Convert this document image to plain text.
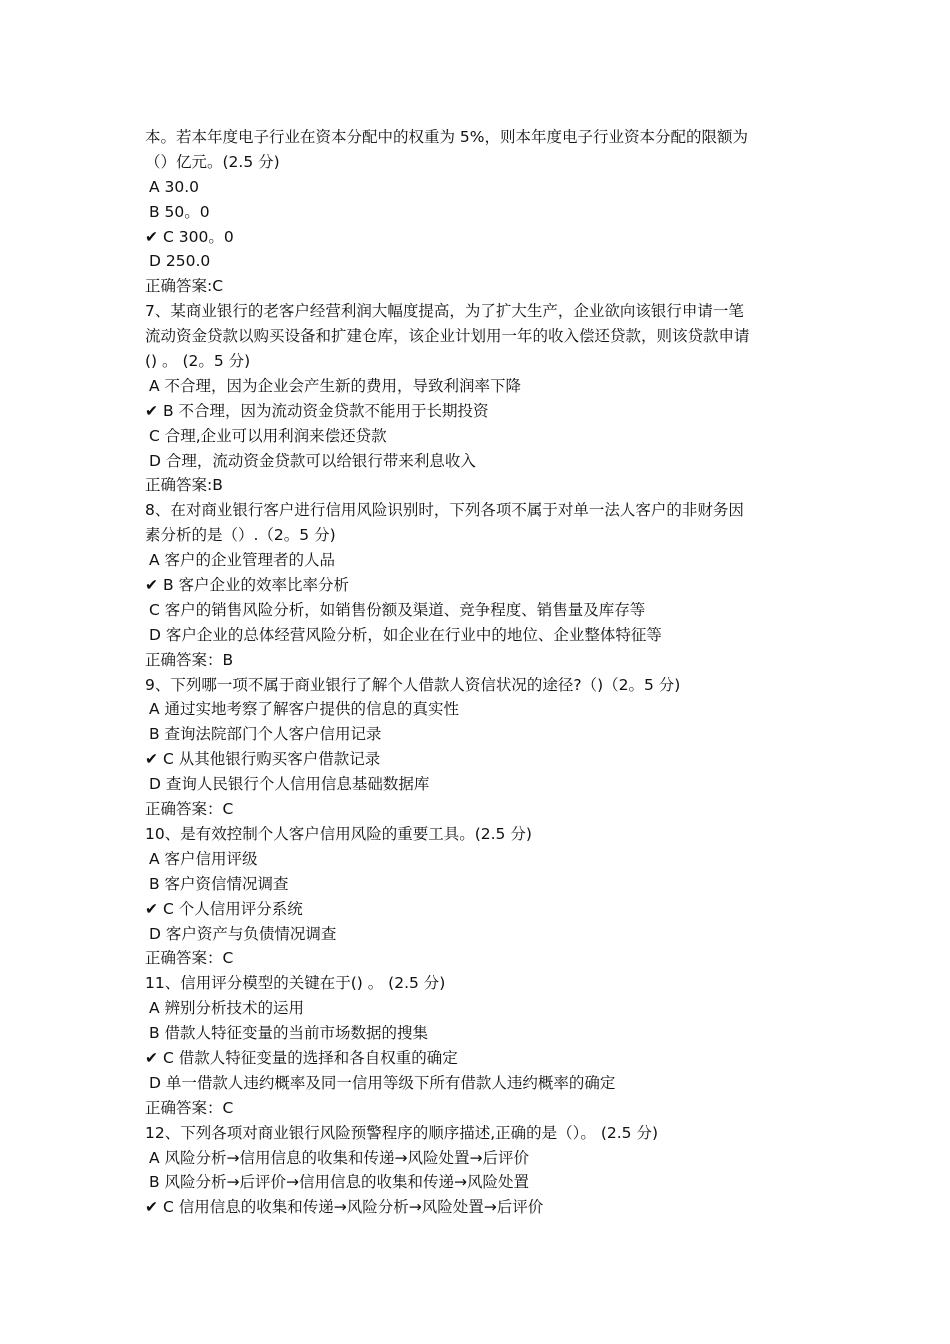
本。若本年度电子行业在资本分配中的权重为 5%，则本年度电子行业资本分配的限额为
（）亿元。(2.5 分)
A 30.0
B 50。0
✔ C 300。0
D 250.0
正确答案:C
7、某商业银行的老客户经营利润大幅度提高，为了扩大生产，企业欲向该银行申请一笔
流动资金贷款以购买设备和扩建仓库，该企业计划用一年的收入偿还贷款，则该贷款申请
() 。 (2。5 分)
A 不合理，因为企业会产生新的费用，导致利润率下降
✔ B 不合理，因为流动资金贷款不能用于长期投资
C 合理,企业可以用利润来偿还贷款
D 合理，流动资金贷款可以给银行带来利息收入
正确答案:B
8、在对商业银行客户进行信用风险识别时，下列各项不属于对单一法人客户的非财务因
素分析的是（）.（2。5 分)
A 客户的企业管理者的人品
✔ B 客户企业的效率比率分析
C 客户的销售风险分析，如销售份额及渠道、竞争程度、销售量及库存等
D 客户企业的总体经营风险分析，如企业在行业中的地位、企业整体特征等
正确答案：B
9、下列哪一项不属于商业银行了解个人借款人资信状况的途径?（)（2。5 分)
A 通过实地考察了解客户提供的信息的真实性
B 查询法院部门个人客户信用记录
✔ C 从其他银行购买客户借款记录
D 查询人民银行个人信用信息基础数据库
正确答案：C
10、是有效控制个人客户信用风险的重要工具。(2.5 分)
A 客户信用评级
B 客户资信情况调查
✔ C 个人信用评分系统
D 客户资产与负债情况调查
正确答案：C
11、信用评分模型的关键在于() 。 (2.5 分)
A 辨别分析技术的运用
B 借款人特征变量的当前市场数据的搜集
✔ C 借款人特征变量的选择和各自权重的确定
D 单一借款人违约概率及同一信用等级下所有借款人违约概率的确定
正确答案：C
12、下列各项对商业银行风险预警程序的顺序描述,正确的是（）。 (2.5 分)
A 风险分析→信用信息的收集和传递→风险处置→后评价
B 风险分析→后评价→信用信息的收集和传递→风险处置
✔ C 信用信息的收集和传递→风险分析→风险处置→后评价
